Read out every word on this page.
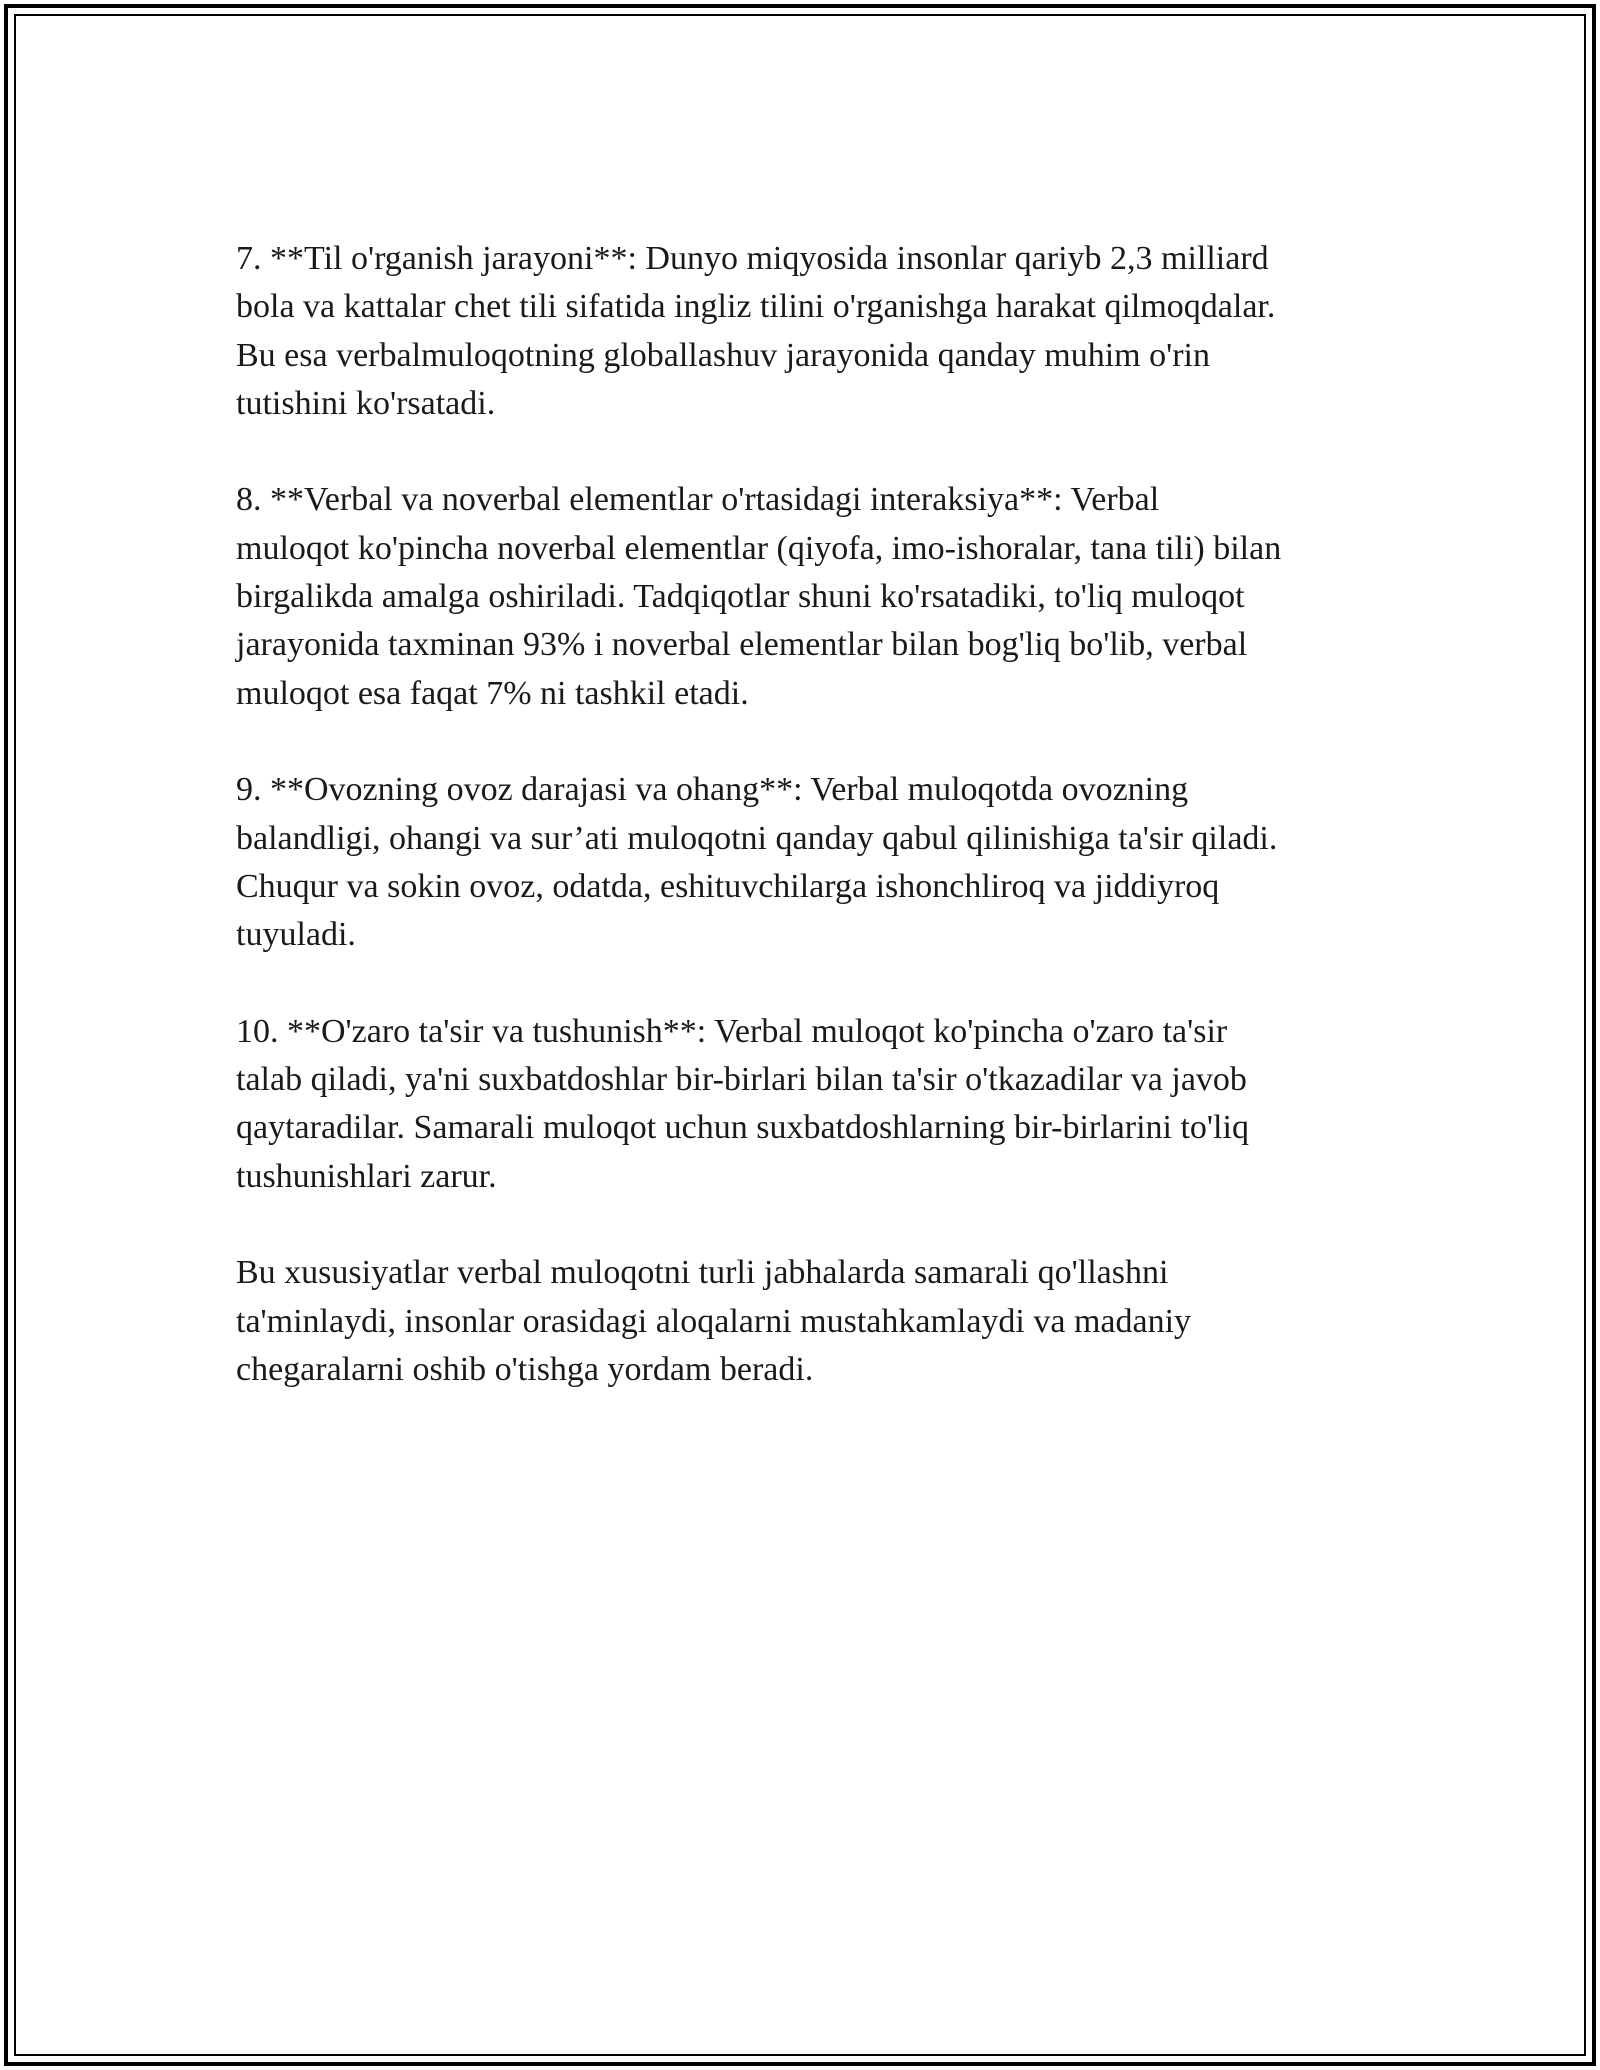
7. **Til o'rganish jarayoni**: Dunyo miqyosida insonlar qariyb 2,3 milliard
bola va kattalar chet tili sifatida ingliz tilini o'rganishga harakat qilmoqdalar.
Bu esa verbalmuloqotning globallashuv jarayonida qanday muhim o'rin
tutishini ko'rsatadi.

8. **Verbal va noverbal elementlar o'rtasidagi interaksiya**: Verbal
muloqot ko'pincha noverbal elementlar (qiyofa, imo-ishoralar, tana tili) bilan
birgalikda amalga oshiriladi. Tadqiqotlar shuni ko'rsatadiki, to'liq muloqot
jarayonida taxminan 93% i noverbal elementlar bilan bog'liq bo'lib, verbal
muloqot esa faqat 7% ni tashkil etadi.

9. **Ovozning ovoz darajasi va ohang**: Verbal muloqotda ovozning
balandligi, ohangi va sur’ati muloqotni qanday qabul qilinishiga ta'sir qiladi.
Chuqur va sokin ovoz, odatda, eshituvchilarga ishonchliroq va jiddiyroq
tuyuladi.

10. **O'zaro ta'sir va tushunish**: Verbal muloqot ko'pincha o'zaro ta'sir
talab qiladi, ya'ni suxbatdoshlar bir-birlari bilan ta'sir o'tkazadilar va javob
qaytaradilar. Samarali muloqot uchun suxbatdoshlarning bir-birlarini to'liq
tushunishlari zarur.

Bu xususiyatlar verbal muloqotni turli jabhalarda samarali qo'llashni
ta'minlaydi, insonlar orasidagi aloqalarni mustahkamlaydi va madaniy
chegaralarni oshib o'tishga yordam beradi.
